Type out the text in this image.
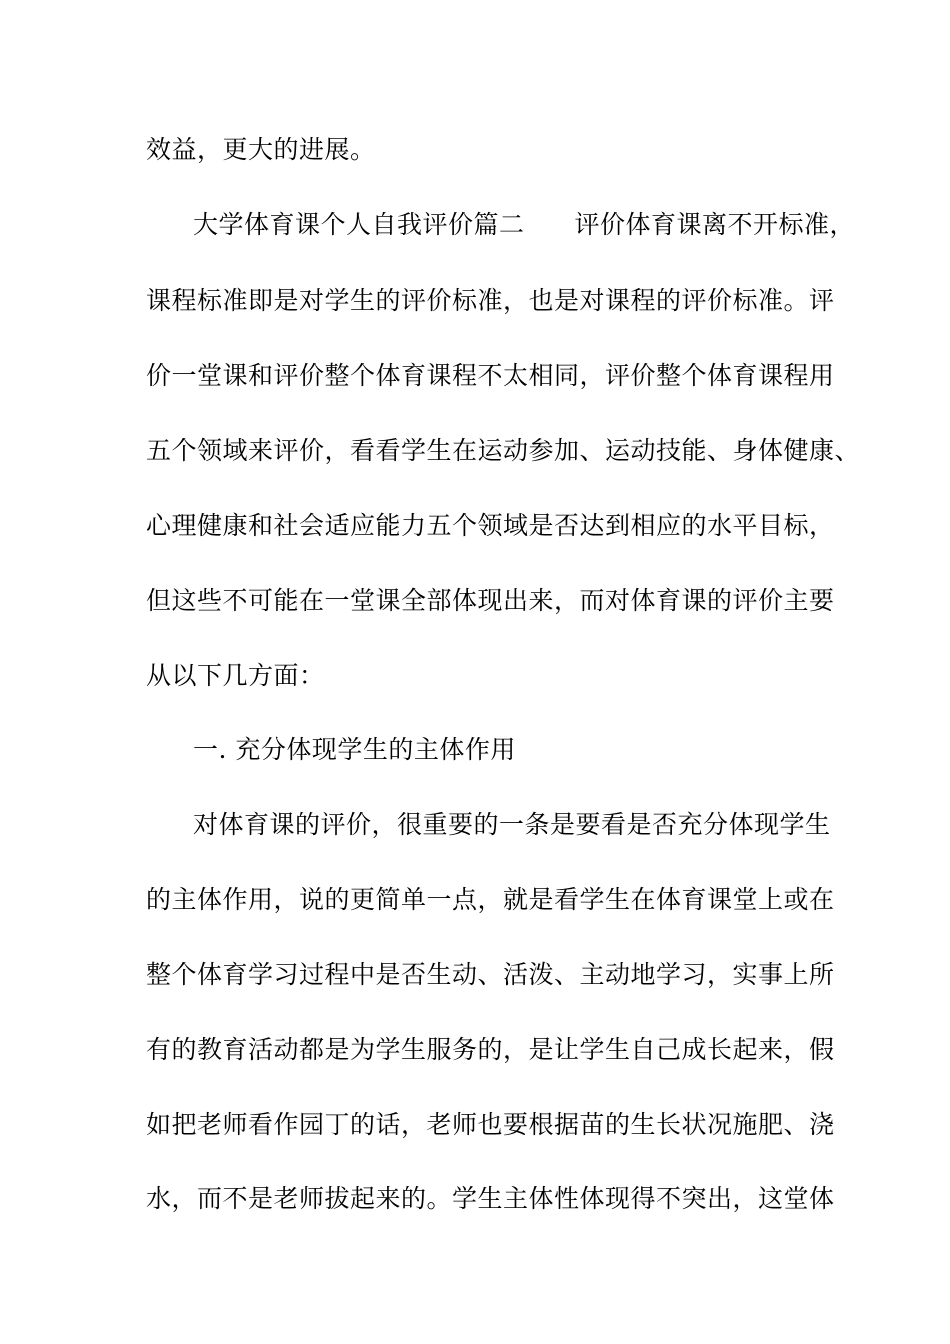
效益，更大的进展。
大学体育课个人自我评价篇二 评价体育课离不开标准，
课程标准即是对学生的评价标准，也是对课程的评价标准。评
价一堂课和评价整个体育课程不太相同，评价整个体育课程用
五个领域来评价，看看学生在运动参加、运动技能、身体健康、
心理健康和社会适应能力五个领域是否达到相应的水平目标，
但这些不可能在一堂课全部体现出来，而对体育课的评价主要
从以下几方面：
一. 充分体现学生的主体作用
对体育课的评价，很重要的一条是要看是否充分体现学生
的主体作用，说的更简单一点，就是看学生在体育课堂上或在
整个体育学习过程中是否生动、活泼、主动地学习，实事上所
有的教育活动都是为学生服务的，是让学生自己成长起来，假
如把老师看作园丁的话，老师也要根据苗的生长状况施肥、浇
水，而不是老师拔起来的。学生主体性体现得不突出，这堂体
